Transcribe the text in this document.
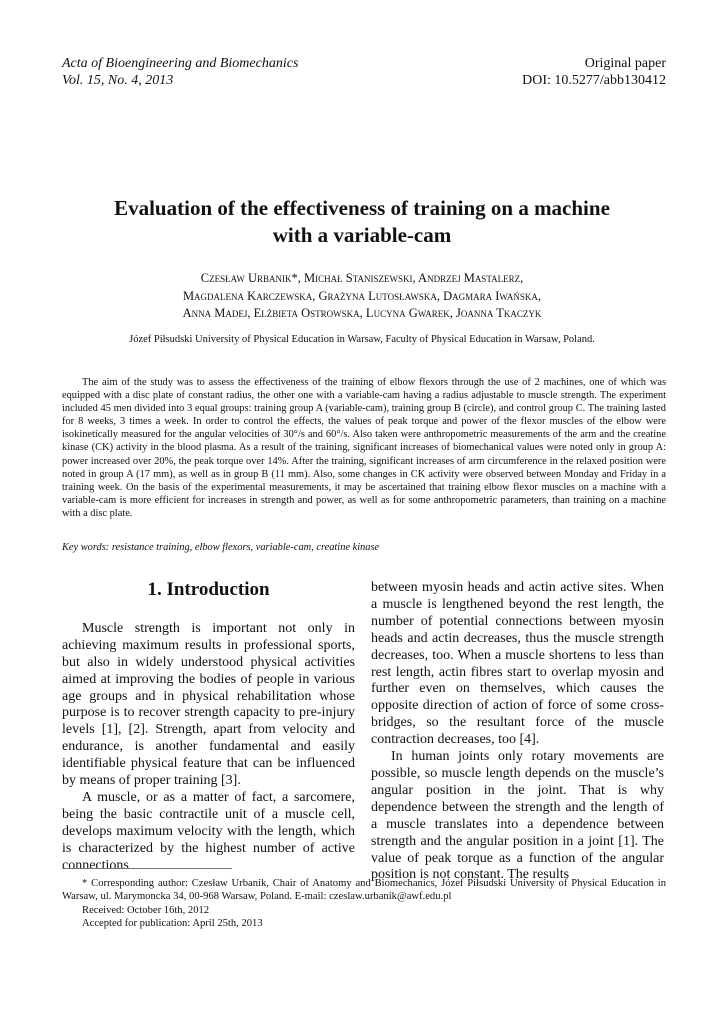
Acta of Bioengineering and Biomechanics
Vol. 15, No. 4, 2013
Original paper
DOI: 10.5277/abb130412
Evaluation of the effectiveness of training on a machine
with a variable-cam
Czesław Urbanik*, Michał Staniszewski, Andrzej Mastalerz,
Magdalena Karczewska, Grażyna Lutosławska, Dagmara Iwańska,
Anna Madej, Elżbieta Ostrowska, Lucyna Gwarek, Joanna Tkaczyk
Józef Piłsudski University of Physical Education in Warsaw, Faculty of Physical Education in Warsaw, Poland.
The aim of the study was to assess the effectiveness of the training of elbow flexors through the use of 2 machines, one of which was equipped with a disc plate of constant radius, the other one with a variable-cam having a radius adjustable to muscle strength. The experiment included 45 men divided into 3 equal groups: training group A (variable-cam), training group B (circle), and control group C. The training lasted for 8 weeks, 3 times a week. In order to control the effects, the values of peak torque and power of the flexor muscles of the elbow were isokinetically measured for the angular velocities of 30°/s and 60°/s. Also taken were anthropometric measurements of the arm and the creatine kinase (CK) activity in the blood plasma. As a result of the training, significant increases of biomechanical values were noted only in group A: power increased over 20%, the peak torque over 14%. After the training, significant increases of arm circumference in the relaxed position were noted in group A (17 mm), as well as in group B (11 mm). Also, some changes in CK activity were observed between Monday and Friday in a training week. On the basis of the experimental measurements, it may be ascertained that training elbow flexor muscles on a machine with a variable-cam is more efficient for increases in strength and power, as well as for some anthropometric parameters, than training on a machine with a disc plate.
Key words: resistance training, elbow flexors, variable-cam, creatine kinase
1. Introduction

Muscle strength is important not only in achieving maximum results in professional sports, but also in widely understood physical activities aimed at improving the bodies of people in various age groups and in physical rehabilitation whose purpose is to recover strength capacity to pre-injury levels [1], [2]. Strength, apart from velocity and endurance, is another fundamental and easily identifiable physical feature that can be influenced by means of proper training [3].

A muscle, or as a matter of fact, a sarcomere, being the basic contractile unit of a muscle cell, develops maximum velocity with the length, which is characterized by the highest number of active connections

between myosin heads and actin active sites. When a muscle is lengthened beyond the rest length, the number of potential connections between myosin heads and actin decreases, thus the muscle strength decreases, too. When a muscle shortens to less than rest length, actin fibres start to overlap myosin and further even on themselves, which causes the opposite direction of action of force of some cross-bridges, so the resultant force of the muscle contraction decreases, too [4].

In human joints only rotary movements are possible, so muscle length depends on the muscle’s angular position in the joint. That is why dependence between the strength and the length of a muscle translates into a dependence between strength and the angular position in a joint [1]. The value of peak torque as a function of the angular position is not constant. The results

* Corresponding author: Czesław Urbanik, Chair of Anatomy and Biomechanics, Józef Piłsudski University of Physical Education in Warsaw, ul. Marymoncka 34, 00-968 Warsaw, Poland. E-mail: czeslaw.urbanik@awf.edu.pl

Received: October 16th, 2012

Accepted for publication: April 25th, 2013
